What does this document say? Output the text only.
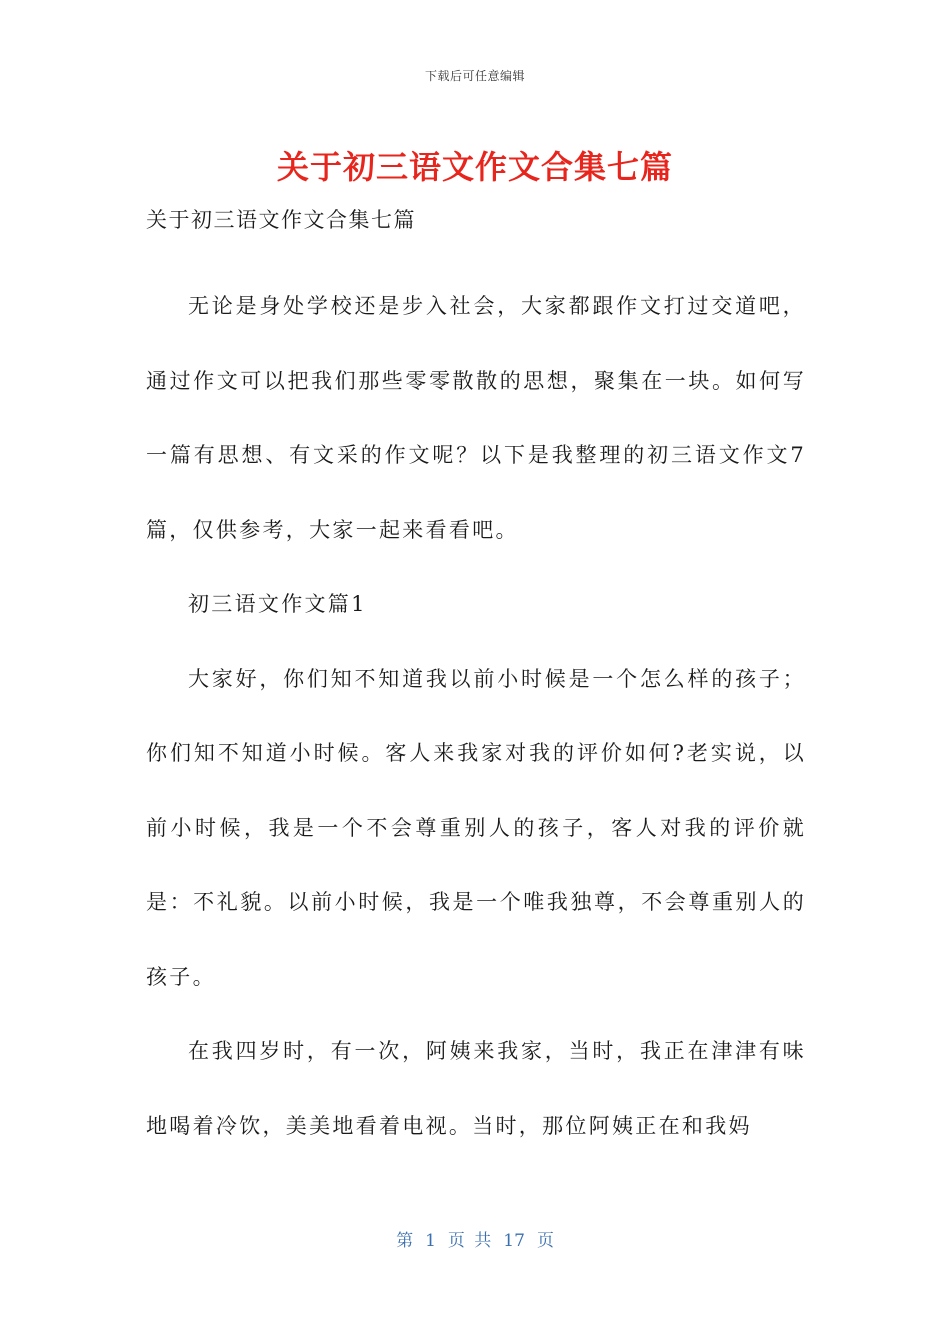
下载后可任意编辑
关于初三语文作文合集七篇
关于初三语文作文合集七篇

无论是身处学校还是步入社会，大家都跟作文打过交道吧，通过作文可以把我们那些零零散散的思想，聚集在一块。如何写一篇有思想、有文采的作文呢？以下是我整理的初三语文作文7篇，仅供参考，大家一起来看看吧。

初三语文作文篇1

大家好，你们知不知道我以前小时候是一个怎么样的孩子；你们知不知道小时候。客人来我家对我的评价如何?老实说，以前小时候，我是一个不会尊重别人的孩子，客人对我的评价就是：不礼貌。以前小时候，我是一个唯我独尊，不会尊重别人的孩子。

在我四岁时，有一次，阿姨来我家，当时，我正在津津有味地喝着冷饮，美美地看着电视。当时，那位阿姨正在和我妈

第 1 页 共 17 页
